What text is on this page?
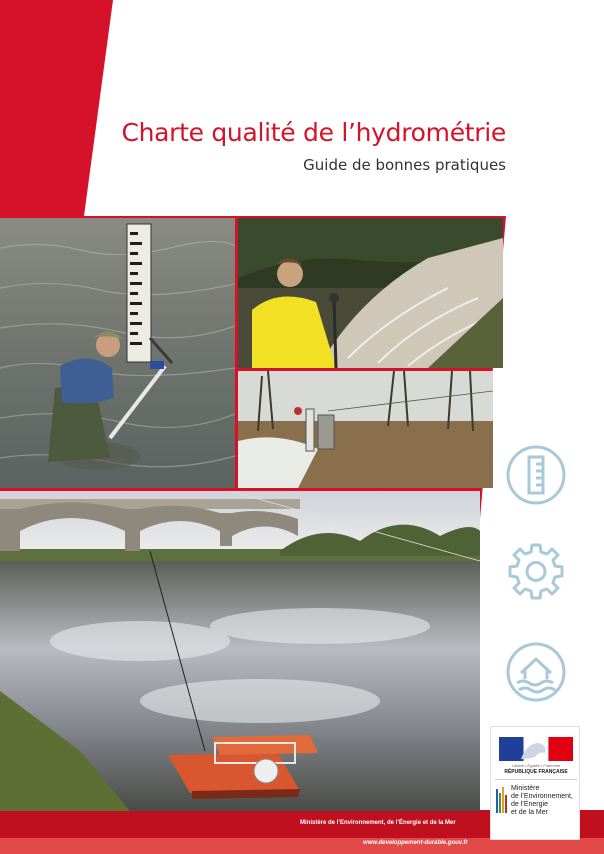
Charte qualité de l’hydrométrie
Guide de bonnes pratiques
Liberté • Égalité • Fraternité
RÉPUBLIQUE FRANÇAISE
Ministère
de l’Environnement,
de l’Énergie
et de la Mer
Ministère de l’Environnement, de l’Énergie et de la Mer
www.developpement-durable.gouv.fr
